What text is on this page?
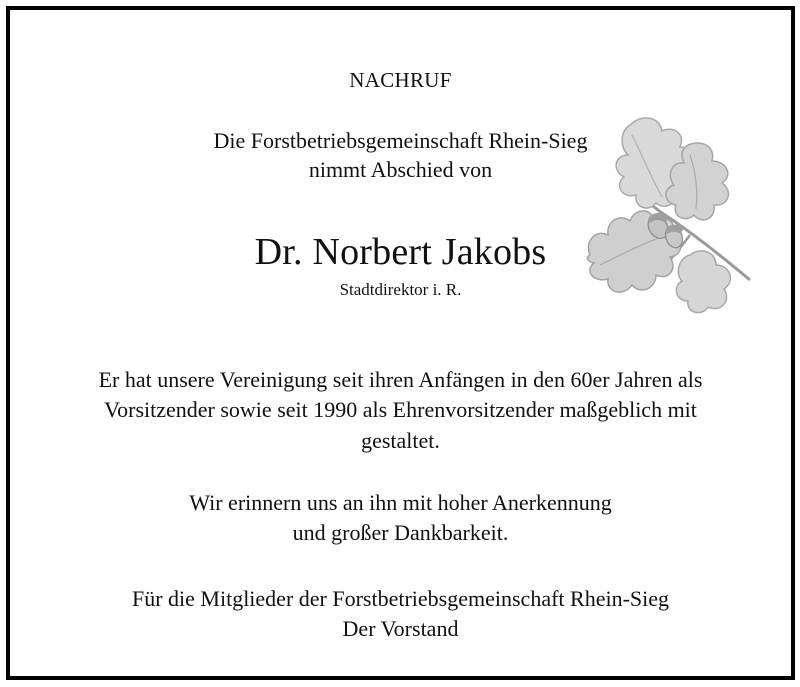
NACHRUF
Die Forstbetriebsgemeinschaft Rhein-Sieg
nimmt Abschied von
Dr. Norbert Jakobs
Stadtdirektor i. R.
Er hat unsere Vereinigung seit ihren Anfängen in den 60er Jahren als
Vorsitzender sowie seit 1990 als Ehrenvorsitzender maßgeblich mit
gestaltet.
Wir erinnern uns an ihn mit hoher Anerkennung
und großer Dankbarkeit.
Für die Mitglieder der Forstbetriebsgemeinschaft Rhein-Sieg
Der Vorstand
